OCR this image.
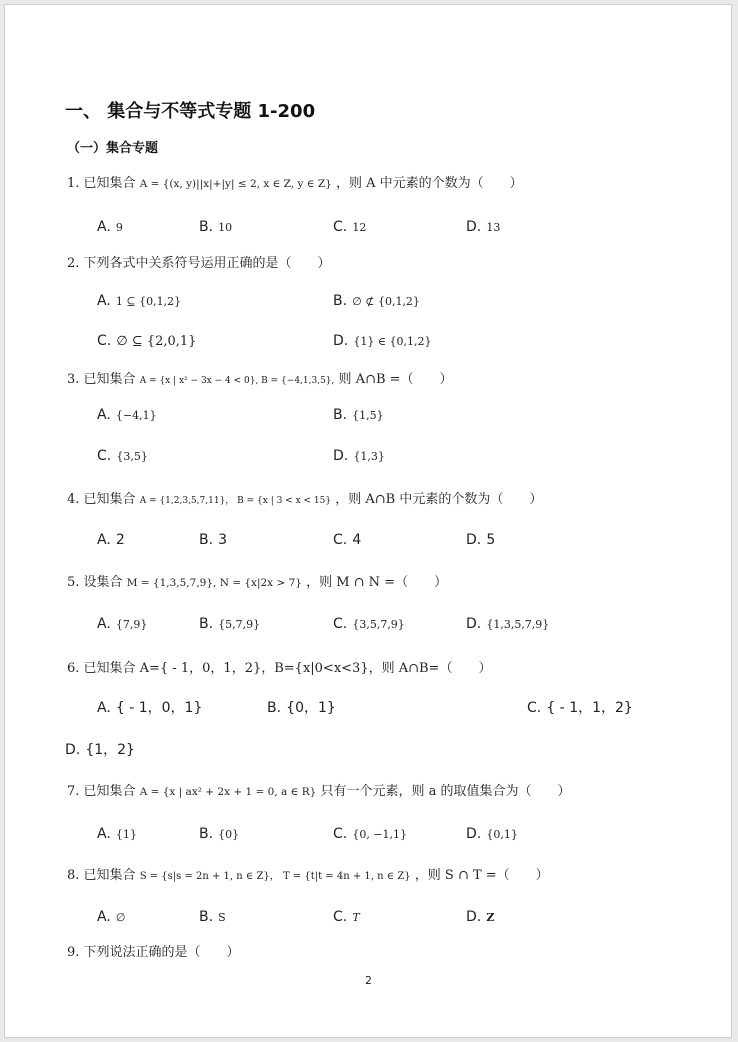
一、 集合与不等式专题 1-200
（一）集合专题
1. 已知集合 A = {(x, y)||x|+|y| ≤ 2, x ∈ Z, y ∈ Z} ，则 A 中元素的个数为（　　）
A. 9	B. 10	C. 12	D. 13
2. 下列各式中关系符号运用正确的是（　　）
A. 1 ⊆ {0,1,2}	B. ∅ ⊄ {0,1,2}
C. ∅ ⊆ {2,0,1}	D. {1} ∈ {0,1,2}
3. 已知集合 A = {x | x² − 3x − 4 < 0}, B = {−4,1,3,5}, 则 A∩B =（　　）
A. {−4,1}	B. {1,5}
C. {3,5}	D. {1,3}
4. 已知集合 A = {1,2,3,5,7,11}， B = {x | 3 < x < 15} ，则 A∩B 中元素的个数为（　　）
A. 2	B. 3	C. 4	D. 5
5. 设集合 M = {1,3,5,7,9}, N = {x|2x > 7} ，则 M ∩ N =（　　）
A. {7,9}	B. {5,7,9}	C. {3,5,7,9}	D. {1,3,5,7,9}
6. 已知集合 A={ - 1，0，1，2}，B={x|0<x<3}，则 A∩B=（　　）
A. { - 1，0，1}	B. {0，1}	C. { - 1，1，2}
D. {1，2}
7. 已知集合 A = {x | ax² + 2x + 1 = 0, a ∈ R} 只有一个元素，则 a 的取值集合为（　　）
A. {1}	B. {0}	C. {0, −1,1}	D. {0,1}
8. 已知集合 S = {s|s = 2n + 1, n ∈ Z}， T = {t|t = 4n + 1, n ∈ Z} ，则 S ∩ T =（　　）
A. ∅	B. S	C. T	D. Z
9. 下列说法正确的是（　　）
2
